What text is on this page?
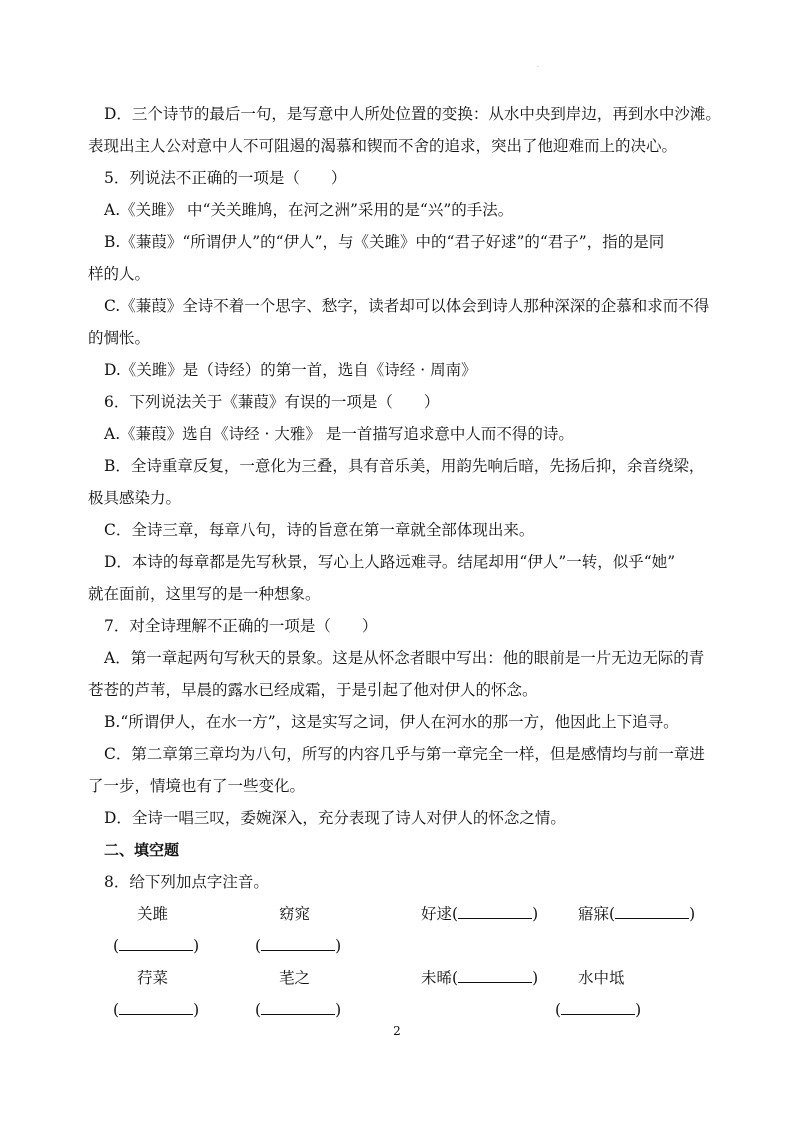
·
D．三个诗节的最后一句，是写意中人所处位置的变换：从水中央到岸边，再到水中沙滩。
表现出主人公对意中人不可阻遏的渴慕和锲而不舍的追求，突出了他迎难而上的决心。
5．列说法不正确的一项是（　　）
A.《关雎》 中“关关雎鸠，在河之洲”采用的是“兴”的手法。
B.《蒹葭》“所谓伊人”的“伊人”，与《关雎》中的“君子好逑”的“君子”，指的是同
样的人。
C.《蒹葭》全诗不着一个思字、愁字，读者却可以体会到诗人那种深深的企慕和求而不得
的惆怅。
D.《关雎》是（诗经）的第一首，选自《诗经 · 周南》
6．下列说法关于《蒹葭》有误的一项是（　　）
A.《蒹葭》选自《诗经 · 大雅》 是一首描写追求意中人而不得的诗。
B．全诗重章反复，一意化为三叠，具有音乐美，用韵先响后暗，先扬后抑，余音绕梁，
极具感染力。
C．全诗三章，每章八句，诗的旨意在第一章就全部体现出来。
D．本诗的每章都是先写秋景，写心上人路远难寻。结尾却用“伊人”一转，似乎“她”
就在面前，这里写的是一种想象。
7．对全诗理解不正确的一项是（　　）
A．第一章起两句写秋天的景象。这是从怀念者眼中写出：他的眼前是一片无边无际的青
苍苍的芦苇，早晨的露水已经成霜，于是引起了他对伊人的怀念。
B.“所谓伊人，在水一方”，这是实写之词，伊人在河水的那一方，他因此上下追寻。
C．第二章第三章均为八句，所写的内容几乎与第一章完全一样，但是感情均与前一章进
了一步，情境也有了一些变化。
D．全诗一唱三叹，委婉深入，充分表现了诗人对伊人的怀念之情。
二、填空题
8．给下列加点字注音。
关雎	窈窕	好逑(	)	寤寐(	)
(	)	(	)
荇菜	芼之	未晞(	)	水中坻
(	)	(	)	(	)
2
